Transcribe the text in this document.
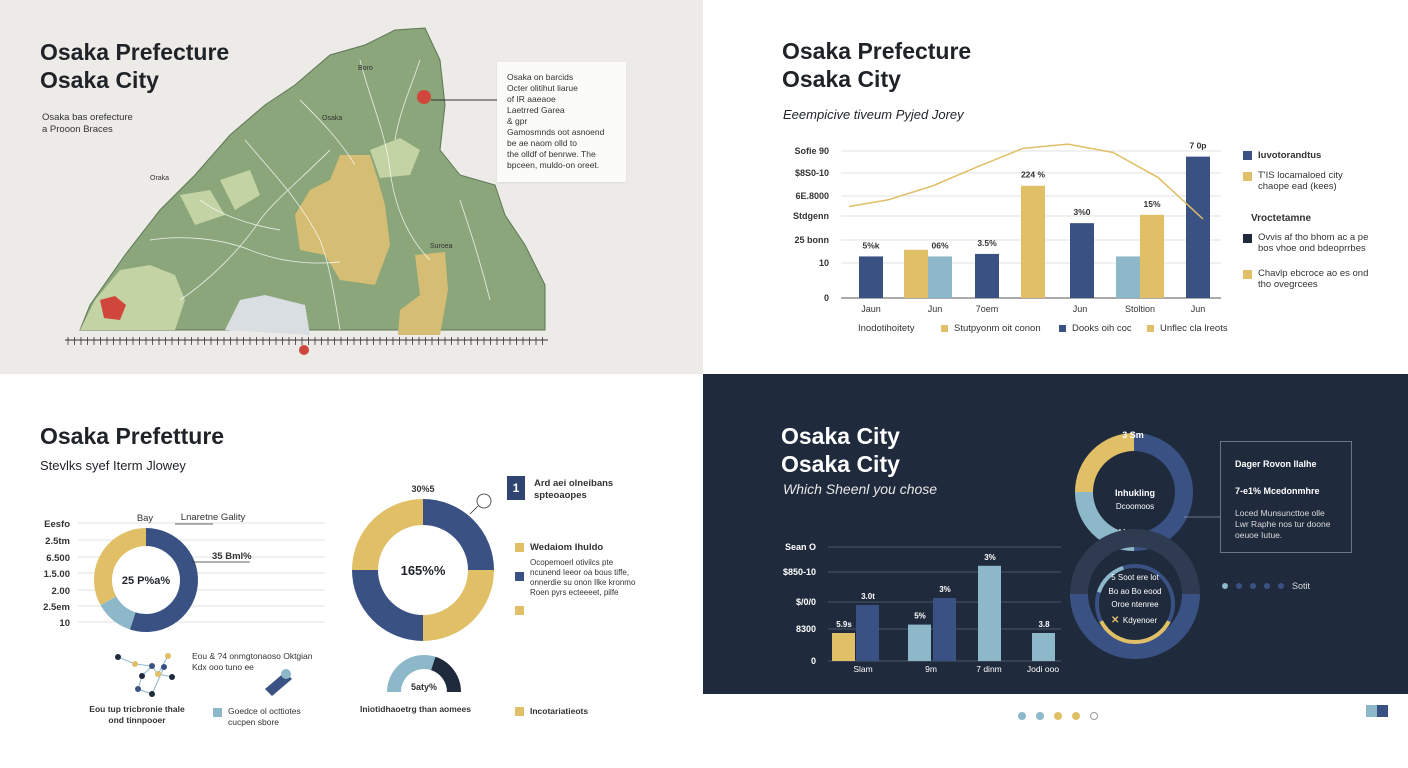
Osaka Prefecture
Osaka City
Osaka bas orefecture
a Prooon Braces
Boro
Oraka
Osaka
Suroea
Osaka on barcids
Octer olitihut liarue
of IR aaeaoe
Laetrred Garea
& gpr
Gamosmnds oot asnoend
be ae naom olld to
the olldf of benrwe. The
bpceen, muldo-on oreet.
Osaka Prefecture
Osaka City
Eeempicive tiveum Pyjed Jorey
0
10
25 bonn
Stdgenn
6E.8000
$8S0-10
Sofie 90
5%k	06%	3.5%
224 %
3%0
15%
7 0p
Jaun	Jun	7oem	Jun	Stoltion	Jun
Iuvotorandtus
T'IS locamaloed city chaope ead (kees)
Vroctetamne
Ovvis af tho bhom ac a pe bos vhoe ond bdeoprrbes
Chavlp ebcroce ao es ond tho ovegrcees
Inodotihoitety	Stutpyonm oit conon	Dooks oih coc	Unflec cla lreots
Osaka Prefetture
Stevlks syef Iterm Jlowey
Eesfo
2.5tm
6.500
1.5.00
2.00
2.5em
10
25 P%a%
Bay	Lnaretne Gality
35 Bml%
165%%
30%5
5aty%
1	Ard aei olneibans spteoaopes
Wedaiom Ihuldo
Ocopemoerl otivilcs pte ncunend Ieeor oa bous tiffe, onnerdie su onon Ilke kronmo Roen pyrs ecteeeet, pilfe
Eou & ?4 onmgtonaoso Oktgian
Kdx ooo tuno ee
Eou tup tricbronie thale ond tinnpooer
Goedce ol octtiotes cucpen sbore
Iniotidhaoetrg than aomees	Incotariatieots
Osaka City
Osaka City
Which Sheenl you chose
0
8300
$/0/0
$850-10
Sean O
5.9s
3.0t
5%
3%
3%
3.8
Slam	9m	7 dinm	Jodi ooo
3 Sm
Inhukling
Dcoomoos
Maanes
5 Soot ere lot
Bo ao Bo eood
Oroe ntenree
✕ Kdyenoer
Dager Rovon llalhe
7-e1% Mcedonmhre
Loced Munsuncttoe olle
Lwr Raphe nos tur doone
oeuoe Iutue.
Sotit
